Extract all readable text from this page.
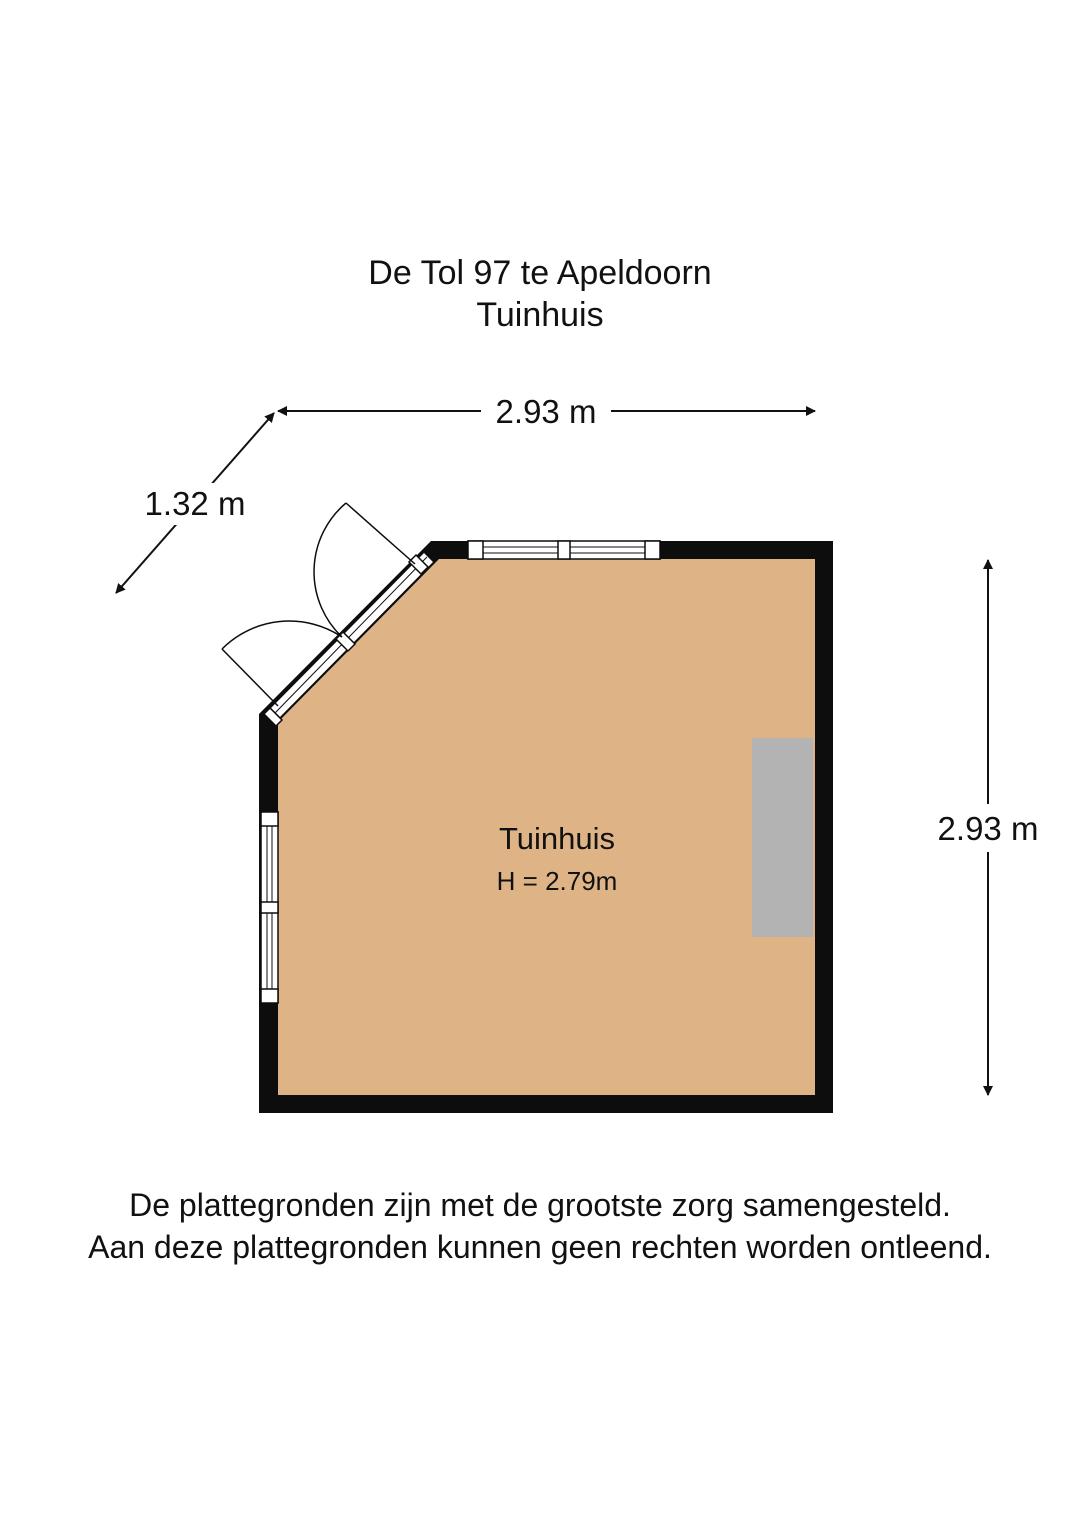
De Tol 97 te Apeldoorn
Tuinhuis
2.93 m
1.32 m
2.93 m
Tuinhuis
H = 2.79m
De plattegronden zijn met de grootste zorg samengesteld.
Aan deze plattegronden kunnen geen rechten worden ontleend.
